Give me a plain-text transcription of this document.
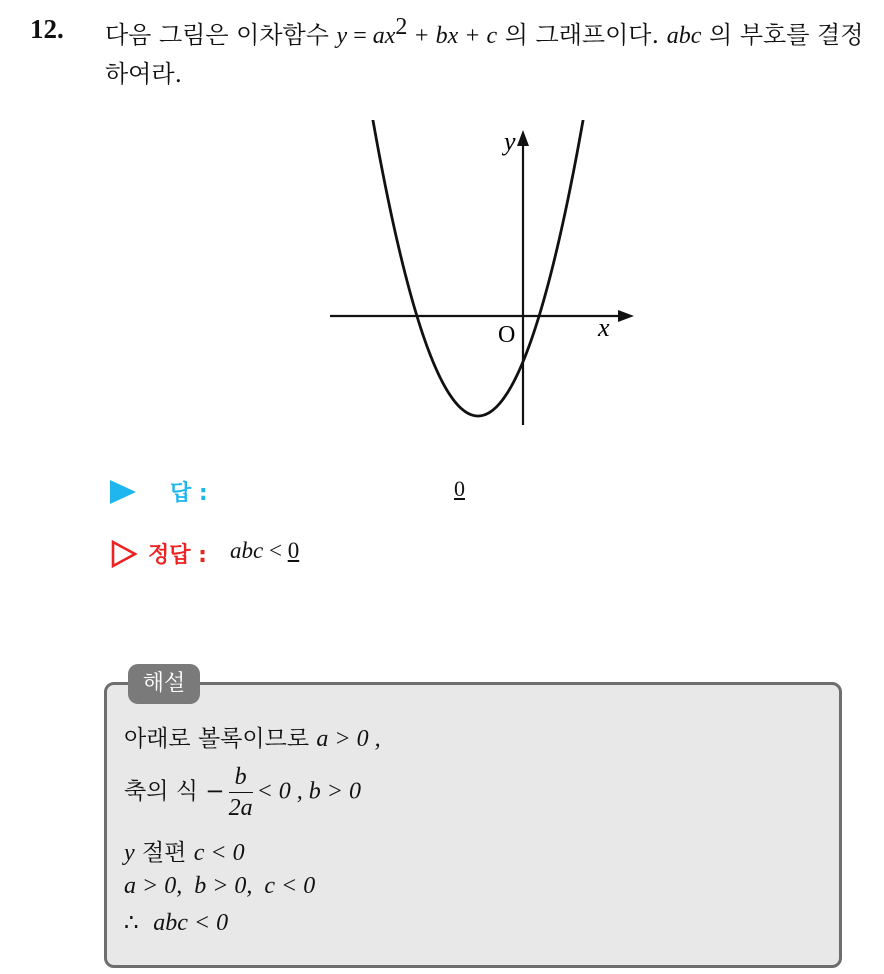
12. 다음 그림은 이차함수 $y = ax^2$ + bx + c 의 그래프이다. abc 의 부호를 결정하여라.
y
x
O
답 :	0
정답 : abc < 0
해설
아래로 볼록이므로 a > 0 ,
축의 식 − $\frac{b}{2a} < 0$ , b > 0
y 절편 c < 0
a > 0,  b > 0,  c < 0
∴ abc < 0
